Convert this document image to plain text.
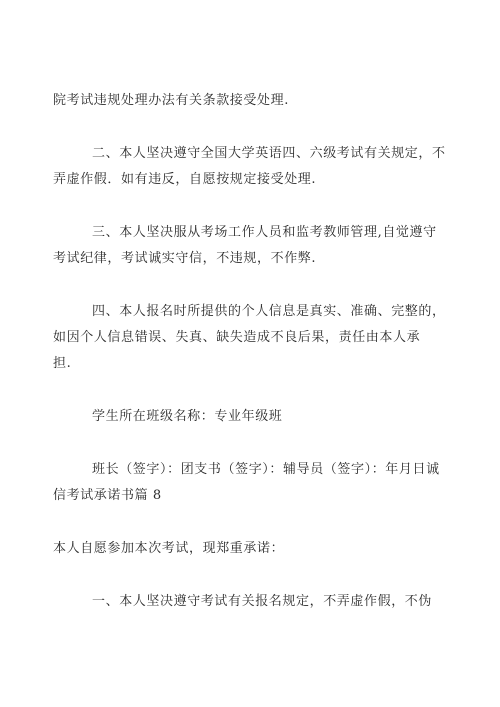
院考试违规处理办法有关条款接受处理.
二、本人坚决遵守全国大学英语四、六级考试有关规定，不
弄虚作假．如有违反，自愿按规定接受处理.
三、本人坚决服从考场工作人员和监考教师管理,自觉遵守
考试纪律，考试诚实守信，不违规，不作弊.
四、本人报名时所提供的个人信息是真实、准确、完整的，
如因个人信息错误、失真、缺失造成不良后果，责任由本人承
担.
学生所在班级名称：专业年级班
班长（签字）：团支书（签字）：辅导员（签字）：年月日诚
信考试承诺书篇 8
本人自愿参加本次考试，现郑重承诺：
一、本人坚决遵守考试有关报名规定，不弄虚作假，不伪
